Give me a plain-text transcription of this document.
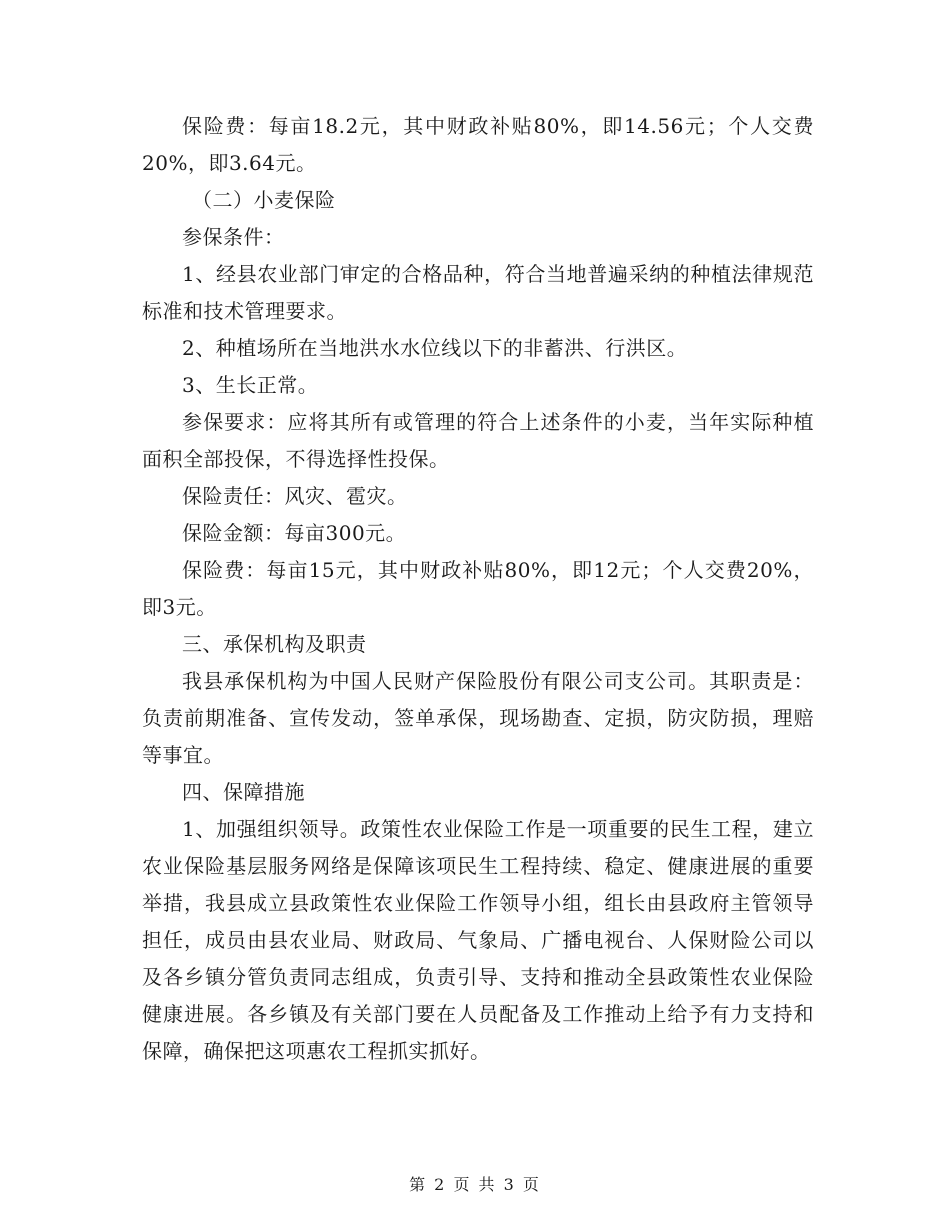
保险费：每亩18.2元，其中财政补贴80%，即14.56元；个人交费20%，即3.64元。

（二）小麦保险

参保条件：

1、经县农业部门审定的合格品种，符合当地普遍采纳的种植法律规范标准和技术管理要求。

2、种植场所在当地洪水水位线以下的非蓄洪、行洪区。

3、生长正常。

参保要求：应将其所有或管理的符合上述条件的小麦，当年实际种植面积全部投保，不得选择性投保。

保险责任：风灾、雹灾。

保险金额：每亩300元。

保险费：每亩15元，其中财政补贴80%，即12元；个人交费20%，即3元。

三、承保机构及职责

我县承保机构为中国人民财产保险股份有限公司支公司。其职责是：负责前期准备、宣传发动，签单承保，现场勘查、定损，防灾防损，理赔等事宜。

四、保障措施

1、加强组织领导。政策性农业保险工作是一项重要的民生工程，建立农业保险基层服务网络是保障该项民生工程持续、稳定、健康进展的重要举措，我县成立县政策性农业保险工作领导小组，组长由县政府主管领导担任，成员由县农业局、财政局、气象局、广播电视台、人保财险公司以及各乡镇分管负责同志组成，负责引导、支持和推动全县政策性农业保险健康进展。各乡镇及有关部门要在人员配备及工作推动上给予有力支持和保障，确保把这项惠农工程抓实抓好。

第 2 页 共 3 页
